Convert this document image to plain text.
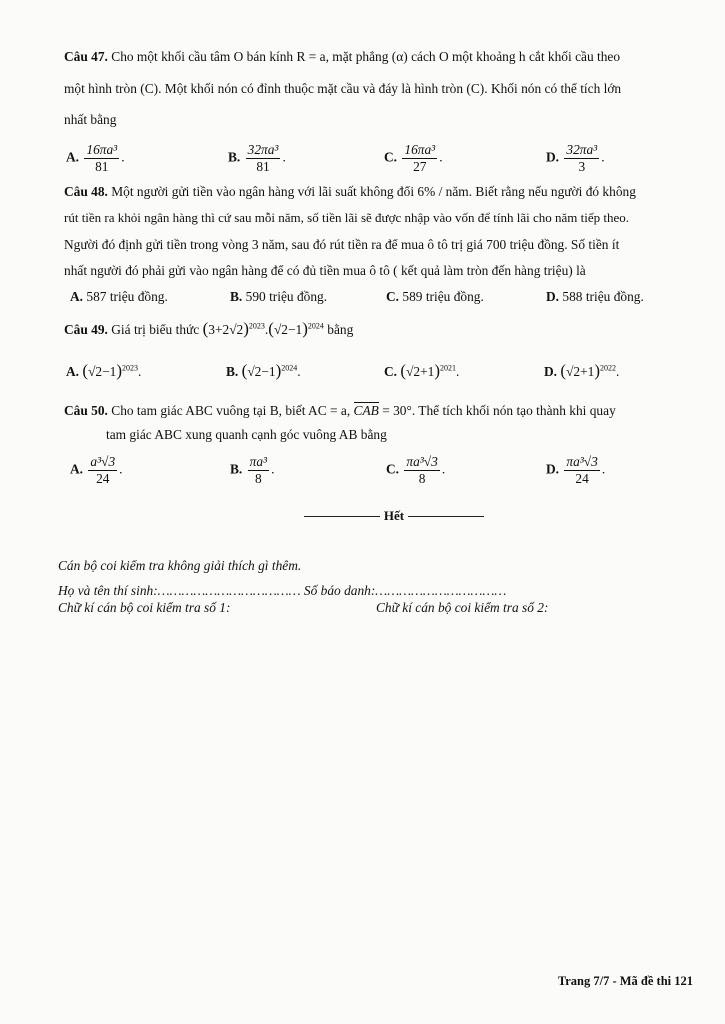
Câu 47. Cho một khối cầu tâm O bán kính R = a, mặt phẳng (α) cách O một khoảng h cắt khối cầu theo
một hình tròn (C). Một khối nón có đỉnh thuộc mặt cầu và đáy là hình tròn (C). Khối nón có thể tích lớn
nhất bằng
A. $\frac{\text{16πa³}}{81}$ .	B. $\frac{\text{32πa³}}{81}$ .	C. $\frac{\text{16πa³}}{27}$ .	D. $\frac{\text{32πa³}}{3}$ .
Câu 48. Một người gửi tiền vào ngân hàng với lãi suất không đổi 6% / năm. Biết rằng nếu người đó không
rút tiền ra khỏi ngân hàng thì cứ sau mỗi năm, số tiền lãi sẽ được nhập vào vốn để tính lãi cho năm tiếp theo.
Người đó định gửi tiền trong vòng 3 năm, sau đó rút tiền ra để mua ô tô trị giá 700 triệu đồng. Số tiền ít
nhất người đó phải gửi vào ngân hàng để có đủ tiền mua ô tô ( kết quả làm tròn đến hàng triệu) là
A. 587 triệu đồng.	B. 590 triệu đồng.	C. 589 triệu đồng.	D. 588 triệu đồng.
Câu 49. Giá trị biểu thức $(3+2√2)^{2023}.(√2-1)^{2024}$ bằng
A. $(√2-1)^{2023}$.	B. $(√2-1)^{2024}$.	C. $(√2+1)^{2021}$.	D. $(√2+1)^{2022}$.
Câu 50. Cho tam giác ABC vuông tại B, biết AC = a, CAB = 30°. Thể tích khối nón tạo thành khi quay
tam giác ABC xung quanh cạnh góc vuông AB bằng
A. $\frac{\text{a³√3}}{24}$ .	B. $\frac{\text{πa³}}{8}$ .	C. $\frac{\text{πa³√3}}{8}$ .	D. $\frac{\text{πa³√3}}{24}$ .
Hết
Cán bộ coi kiểm tra không giải thích gì thêm.
Họ và tên thí sinh:……………………………… Số báo danh:……………………………
Chữ kí cán bộ coi kiểm tra số 1:	Chữ kí cán bộ coi kiểm tra số 2:
Trang 7/7 - Mã đề thi 121
